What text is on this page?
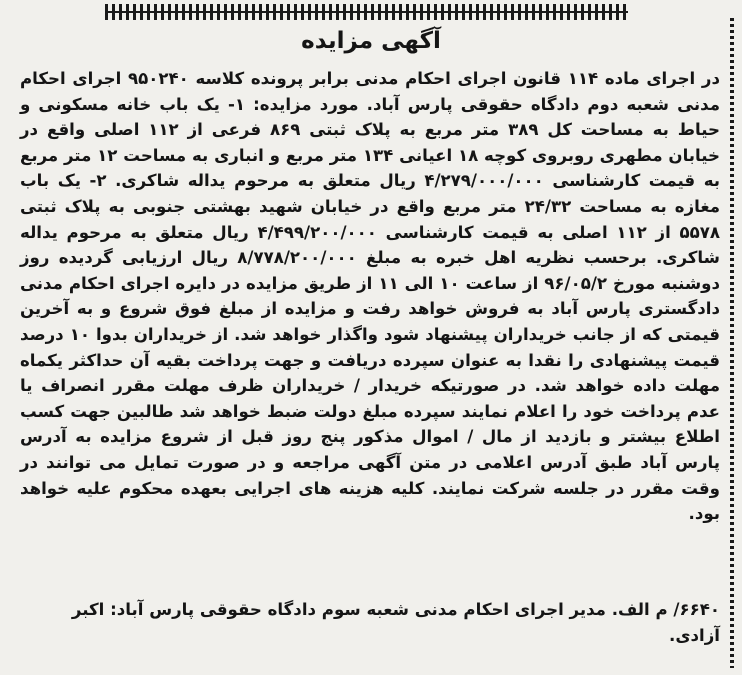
آگهی مزایده

در اجرای ماده ۱۱۴ قانون اجرای احکام مدنی برابر پرونده کلاسه ۹۵۰۲۴۰ اجرای احکام مدنی شعبه دوم دادگاه حقوقی پارس آباد. مورد مزایده: ۱- یک باب خانه مسکونی و حیاط به مساحت کل ۳۸۹ متر مربع به پلاک ثبتی ۸۶۹ فرعی از ۱۱۲ اصلی واقع در خیابان مطهری روبروی کوچه ۱۸ اعیانی ۱۳۴ متر مربع و انباری به مساحت ۱۲ متر مربع به قیمت کارشناسی ۴/۲۷۹/۰۰۰/۰۰۰ ریال متعلق به مرحوم یداله شاکری. ۲- یک باب مغازه به مساحت ۲۴/۳۲ متر مربع واقع در خیابان شهید بهشتی جنوبی به پلاک ثبتی ۵۵۷۸ از ۱۱۲ اصلی به قیمت کارشناسی ۴/۴۹۹/۲۰۰/۰۰۰ ریال متعلق به مرحوم یداله شاکری. برحسب نظریه اهل خبره به مبلغ ۸/۷۷۸/۲۰۰/۰۰۰ ریال ارزیابی گردیده روز دوشنبه مورخ ۹۶/۰۵/۲ از ساعت ۱۰ الی ۱۱ از طریق مزایده در دایره اجرای احکام مدنی دادگستری پارس آباد به فروش خواهد رفت و مزایده از مبلغ فوق شروع و به آخرین قیمتی که از جانب خریداران پیشنهاد شود واگذار خواهد شد. از خریداران بدوا ۱۰ درصد قیمت پیشنهادی را نقدا به عنوان سپرده دریافت و جهت پرداخت بقیه آن حداکثر یکماه مهلت داده خواهد شد. در صورتیکه خریدار / خریداران ظرف مهلت مقرر انصراف یا عدم پرداخت خود را اعلام نمایند سپرده مبلغ دولت ضبط خواهد شد طالبین جهت کسب اطلاع بیشتر و بازدید از مال / اموال مذکور پنج روز قبل از شروع مزایده به آدرس پارس آباد طبق آدرس اعلامی در متن آگهی مراجعه و در صورت تمایل می توانند در وقت مقرر در جلسه شرکت نمایند. کلیه هزینه های اجرایی بعهده محکوم علیه خواهد بود.

۶۶۴۰/ م الف. مدیر اجرای احکام مدنی شعبه سوم دادگاه حقوقی پارس آباد: اکبر آزادی.
